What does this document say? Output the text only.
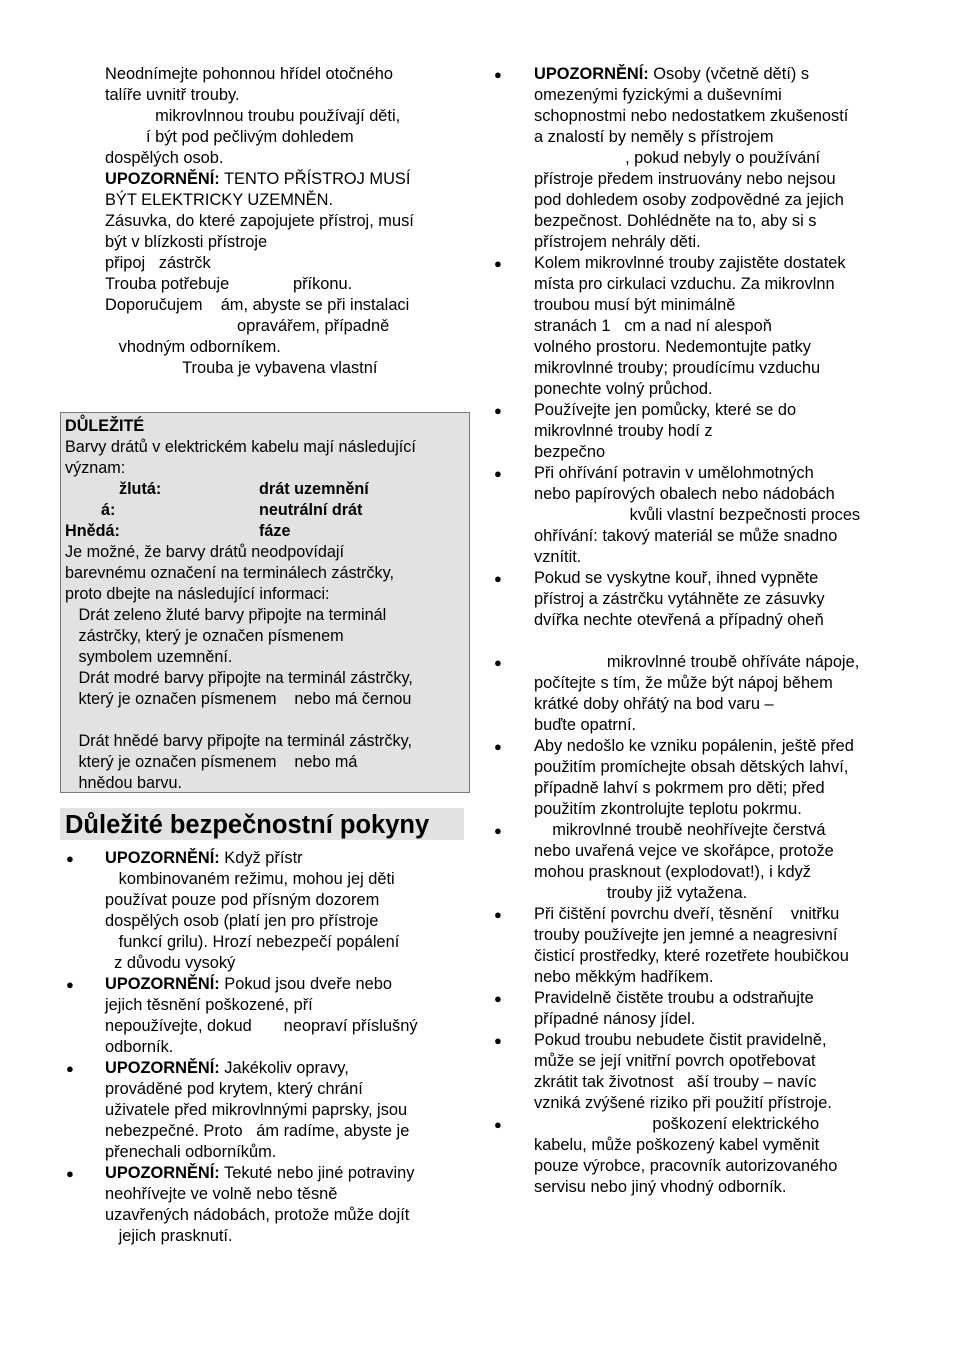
Neodnímejte pohonnou hřídel otočného
talíře uvnitř trouby.
mikrovlnnou troubu používají děti,
í být pod pečlivým dohledem
dospělých osob.
UPOZORNĚNÍ: TENTO PŘÍSTROJ MUSÍ
BÝT ELEKTRICKY UZEMNĚN.
Zásuvka, do které zapojujete přístroj, musí
být v blízkosti přístroje
připoj   zástrčk
Trouba potřebuje              příkonu.
Doporučujem    ám, abyste se při instalaci
opravářem, případně
vhodným odborníkem.
Trouba je vybavena vlastní
DŮLEŽITÉ
Barvy drátů v elektrickém kabelu mají následující
význam:
žlutá:	drát uzemnění
á:	neutrální drát
Hnědá:	fáze
Je možné, že barvy drátů neodpovídají
barevnému označení na terminálech zástrčky,
proto dbejte na následující informaci:
Drát zeleno žluté barvy připojte na terminál
zástrčky, který je označen písmenem
symbolem uzemnění.
Drát modré barvy připojte na terminál zástrčky,
který je označen písmenem    nebo má černou

Drát hnědé barvy připojte na terminál zástrčky,
který je označen písmenem    nebo má
hnědou barvu.
Důležité bezpečnostní pokyny
● UPOZORNĚNÍ: Když přístr
kombinovaném režimu, mohou jej děti
používat pouze pod přísným dozorem
dospělých osob (platí jen pro přístroje
funkcí grilu). Hrozí nebezpečí popálení
z důvodu vysoký
● UPOZORNĚNÍ: Pokud jsou dveře nebo
jejich těsnění poškozené, pří
nepoužívejte, dokud       neopraví příslušný
odborník.
● UPOZORNĚNÍ: Jakékoliv opravy,
prováděné pod krytem, který chrání
uživatele před mikrovlnnými paprsky, jsou
nebezpečné. Proto   ám radíme, abyste je
přenechali odborníkům.
● UPOZORNĚNÍ: Tekuté nebo jiné potraviny
neohřívejte ve volně nebo těsně
uzavřených nádobách, protože může dojít
jejich prasknutí.
● UPOZORNĚNÍ: Osoby (včetně dětí) s
omezenými fyzickými a duševními
schopnostmi nebo nedostatkem zkušeností
a znalostí by neměly s přístrojem
, pokud nebyly o používání
přístroje předem instruovány nebo nejsou
pod dohledem osoby zodpovědné za jejich
bezpečnost. Dohlédněte na to, aby si s
přístrojem nehrály děti.
● Kolem mikrovlnné trouby zajistěte dostatek
místa pro cirkulaci vzduchu. Za mikrovlnn
troubou musí být minimálně
stranách 1   cm a nad ní alespoň
volného prostoru. Nedemontujte patky
mikrovlnné trouby; proudícímu vzduchu
ponechte volný průchod.
● Používejte jen pomůcky, které se do
mikrovlnné trouby hodí z
bezpečno
● Při ohřívání potravin v umělohmotných
nebo papírových obalech nebo nádobách
kvůli vlastní bezpečnosti proces
ohřívání: takový materiál se může snadno
vznítit.
● Pokud se vyskytne kouř, ihned vypněte
přístroj a zástrčku vytáhněte ze zásuvky
dvířka nechte otevřená a případný oheň

● mikrovlnné troubě ohříváte nápoje,
počítejte s tím, že může být nápoj během
krátké doby ohřátý na bod varu –
buďte opatrní.
● Aby nedošlo ke vzniku popálenin, ještě před
použitím promíchejte obsah dětských lahví,
případně lahví s pokrmem pro děti; před
použitím zkontrolujte teplotu pokrmu.
● mikrovlnné troubě neohřívejte čerstvá
nebo uvařená vejce ve skořápce, protože
mohou prasknout (explodovat!), i když
trouby již vytažena.
● Při čištění povrchu dveří, těsnění    vnitřku
trouby používejte jen jemné a neagresivní
čisticí prostředky, které rozetřete houbičkou
nebo měkkým hadříkem.
● Pravidelně čistěte troubu a odstraňujte
případné nánosy jídel.
● Pokud troubu nebudete čistit pravidelně,
může se její vnitřní povrch opotřebovat
zkrátit tak životnost   aší trouby – navíc
vzniká zvýšené riziko při použití přístroje.
● poškození elektrického
kabelu, může poškozený kabel vyměnit
pouze výrobce, pracovník autorizovaného
servisu nebo jiný vhodný odborník.
